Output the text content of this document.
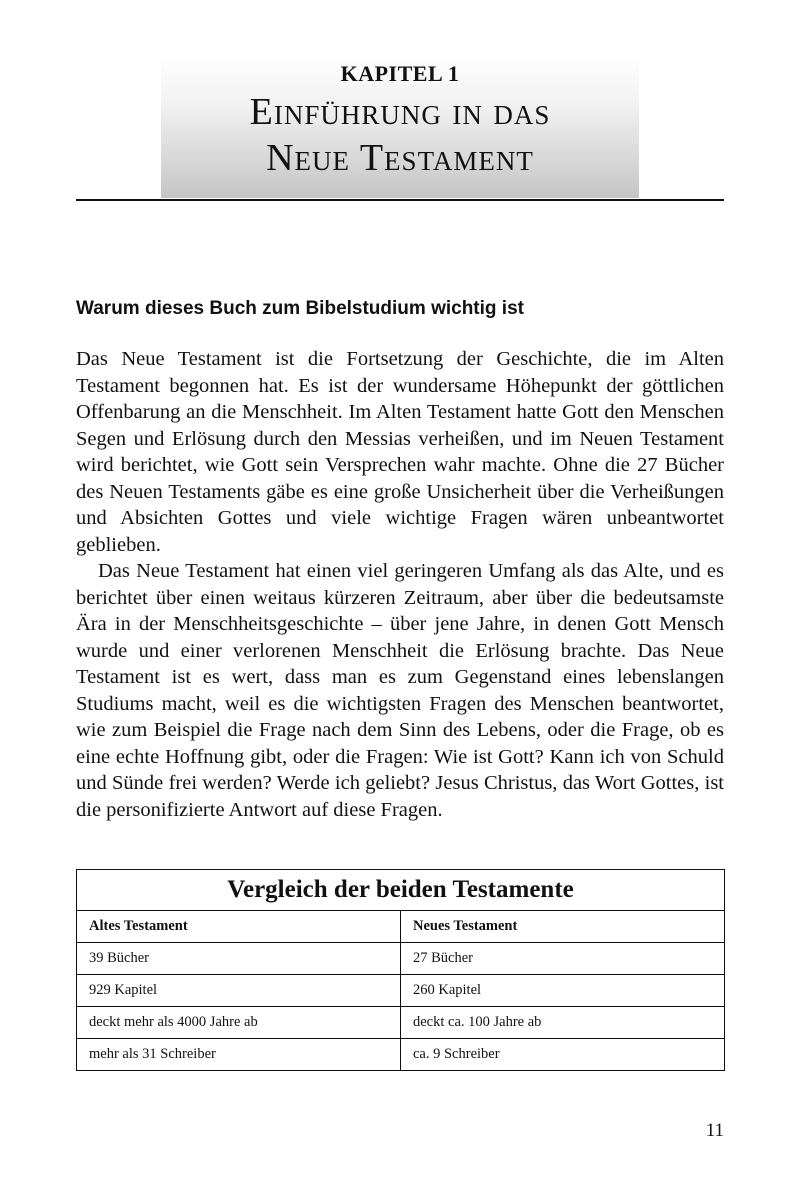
KAPITEL 1
Einführung in das
Neue Testament
Warum dieses Buch zum Bibelstudium wichtig ist

Das Neue Testament ist die Fortsetzung der Geschichte, die im Alten Testament begonnen hat. Es ist der wundersame Höhepunkt der göttlichen Offenbarung an die Menschheit. Im Alten Testament hatte Gott den Menschen Segen und Erlösung durch den Messias verheißen, und im Neuen Testament wird berichtet, wie Gott sein Versprechen wahr machte. Ohne die 27 Bücher des Neuen Testaments gäbe es eine große Unsicherheit über die Verheißungen und Absichten Gottes und viele wichtige Fragen wären unbeantwortet geblieben.

Das Neue Testament hat einen viel geringeren Umfang als das Alte, und es berichtet über einen weitaus kürzeren Zeitraum, aber über die bedeutsamste Ära in der Menschheitsgeschichte – über jene Jahre, in denen Gott Mensch wurde und einer verlorenen Menschheit die Erlösung brachte. Das Neue Testament ist es wert, dass man es zum Gegenstand eines lebenslangen Studiums macht, weil es die wichtigsten Fragen des Menschen beantwortet, wie zum Beispiel die Frage nach dem Sinn des Lebens, oder die Frage, ob es eine echte Hoffnung gibt, oder die Fragen: Wie ist Gott? Kann ich von Schuld und Sünde frei werden? Werde ich geliebt? Jesus Christus, das Wort Gottes, ist die personifizierte Antwort auf diese Fragen.

Vergleich der beiden Testamente	
Altes Testament	Neues Testament
39 Bücher	27 Bücher
929 Kapitel	260 Kapitel
deckt mehr als 4000 Jahre ab	deckt ca. 100 Jahre ab
mehr als 31 Schreiber	ca. 9 Schreiber
11
